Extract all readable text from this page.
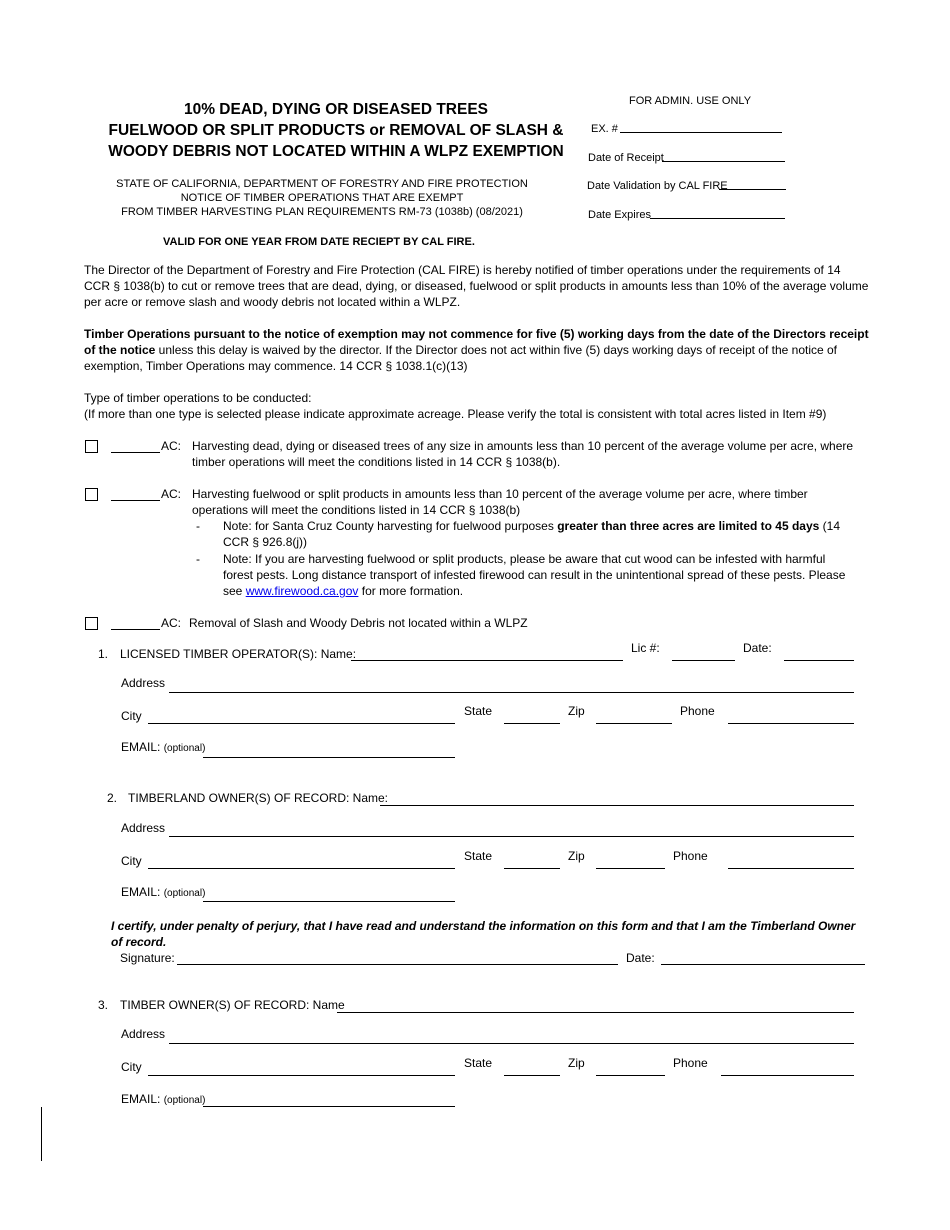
10% DEAD, DYING OR DISEASED TREES
FUELWOOD OR SPLIT PRODUCTS or REMOVAL OF SLASH &
WOODY DEBRIS NOT LOCATED WITHIN A WLPZ EXEMPTION
STATE OF CALIFORNIA, DEPARTMENT OF FORESTRY AND FIRE PROTECTION
NOTICE OF TIMBER OPERATIONS THAT ARE EXEMPT
FROM TIMBER HARVESTING PLAN REQUIREMENTS RM-73 (1038b) (08/2021)
VALID FOR ONE YEAR FROM DATE RECIEPT BY CAL FIRE.
FOR ADMIN. USE ONLY
EX. #
Date of Receipt
Date Validation by CAL FIRE
Date Expires
The Director of the Department of Forestry and Fire Protection (CAL FIRE) is hereby notified of timber operations under the requirements of 14 CCR § 1038(b) to cut or remove trees that are dead, dying, or diseased, fuelwood or split products in amounts less than 10% of the average volume per acre or remove slash and woody debris not located within a WLPZ.
Timber Operations pursuant to the notice of exemption may not commence for five (5) working days from the date of the Directors receipt of the notice unless this delay is waived by the director. If the Director does not act within five (5) days working days of receipt of the notice of exemption, Timber Operations may commence. 14 CCR § 1038.1(c)(13)
Type of timber operations to be conducted:
(If more than one type is selected please indicate approximate acreage. Please verify the total is consistent with total acres listed in Item #9)
AC: Harvesting dead, dying or diseased trees of any size in amounts less than 10 percent of the average volume per acre, where timber operations will meet the conditions listed in 14 CCR § 1038(b).
AC: Harvesting fuelwood or split products in amounts less than 10 percent of the average volume per acre, where timber operations will meet the conditions listed in 14 CCR § 1038(b)
- Note: for Santa Cruz County harvesting for fuelwood purposes greater than three acres are limited to 45 days (14 CCR § 926.8(j))
- Note: If you are harvesting fuelwood or split products, please be aware that cut wood can be infested with harmful forest pests. Long distance transport of infested firewood can result in the unintentional spread of these pests. Please see www.firewood.ca.gov for more formation.
AC: Removal of Slash and Woody Debris not located within a WLPZ
1. LICENSED TIMBER OPERATOR(S): Name:	Lic #:	Date:
Address
City	State	Zip	Phone
EMAIL: (optional)
2. TIMBERLAND OWNER(S) OF RECORD: Name:
Address
City	State	Zip	Phone
EMAIL: (optional)
I certify, under penalty of perjury, that I have read and understand the information on this form and that I am the Timberland Owner of record.
Signature:	Date:
3. TIMBER OWNER(S) OF RECORD: Name
Address
City	State	Zip	Phone
EMAIL: (optional)
